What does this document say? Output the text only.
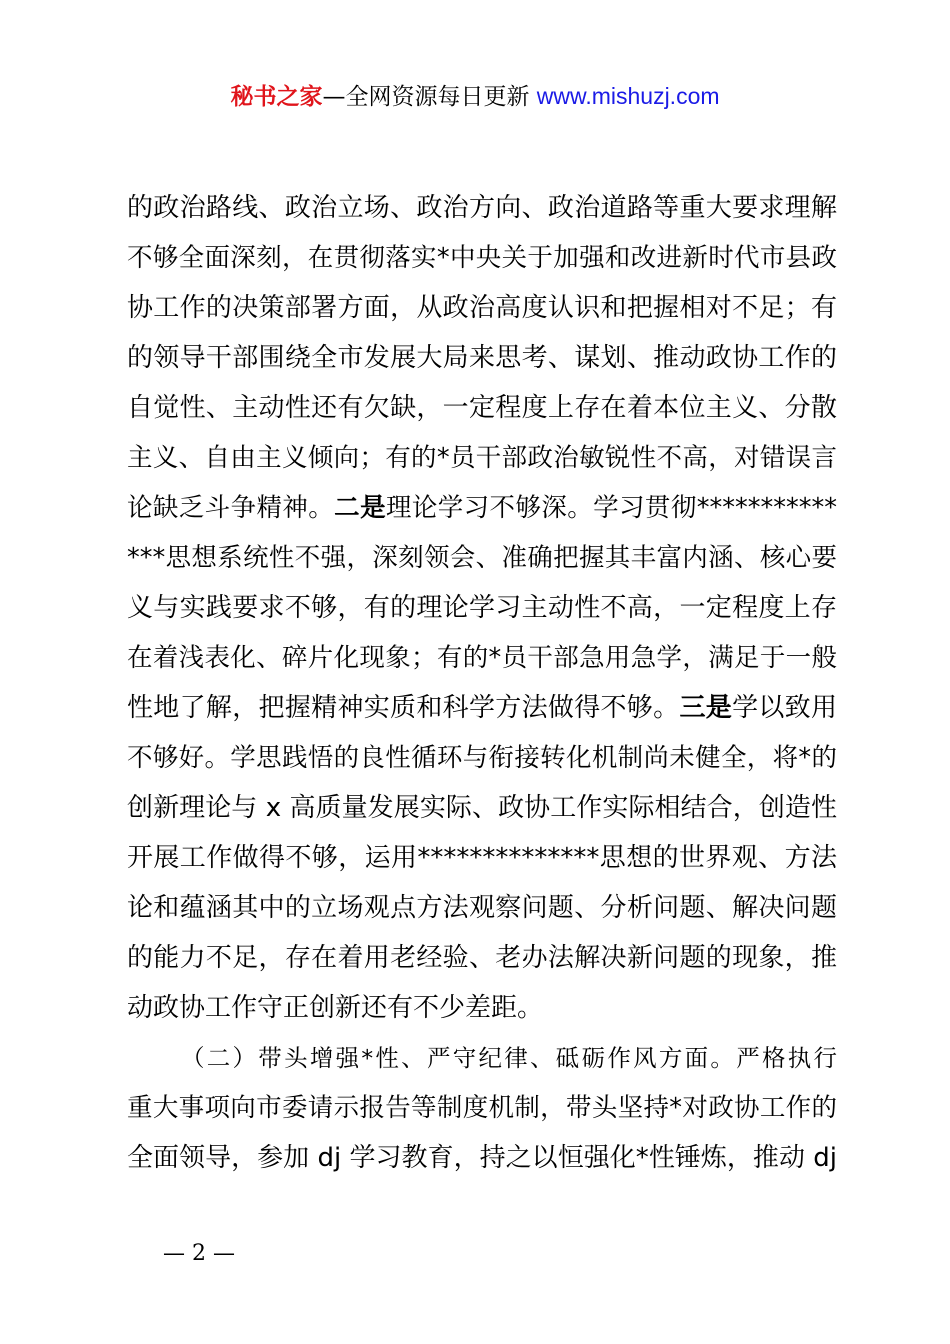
秘书之家—全网资源每日更新 www.mishuzj.com
的政治路线、政治立场、政治方向、政治道路等重大要求理解
不够全面深刻，在贯彻落实*中央关于加强和改进新时代市县政
协工作的决策部署方面，从政治高度认识和把握相对不足；有
的领导干部围绕全市发展大局来思考、谋划、推动政协工作的
自觉性、主动性还有欠缺，一定程度上存在着本位主义、分散
主义、自由主义倾向；有的*员干部政治敏锐性不高，对错误言
论缺乏斗争精神。二是理论学习不够深。学习贯彻***********
***思想系统性不强，深刻领会、准确把握其丰富内涵、核心要
义与实践要求不够，有的理论学习主动性不高，一定程度上存
在着浅表化、碎片化现象；有的*员干部急用急学，满足于一般
性地了解，把握精神实质和科学方法做得不够。三是学以致用
不够好。学思践悟的良性循环与衔接转化机制尚未健全，将*的
创新理论与 x 高质量发展实际、政协工作实际相结合，创造性
开展工作做得不够，运用**************思想的世界观、方法
论和蕴涵其中的立场观点方法观察问题、分析问题、解决问题
的能力不足，存在着用老经验、老办法解决新问题的现象，推
动政协工作守正创新还有不少差距。
（二）带头增强*性、严守纪律、砥砺作风方面。严格执行
重大事项向市委请示报告等制度机制，带头坚持*对政协工作的
全面领导，参加 dj 学习教育，持之以恒强化*性锤炼，推动 dj
— 2 —
